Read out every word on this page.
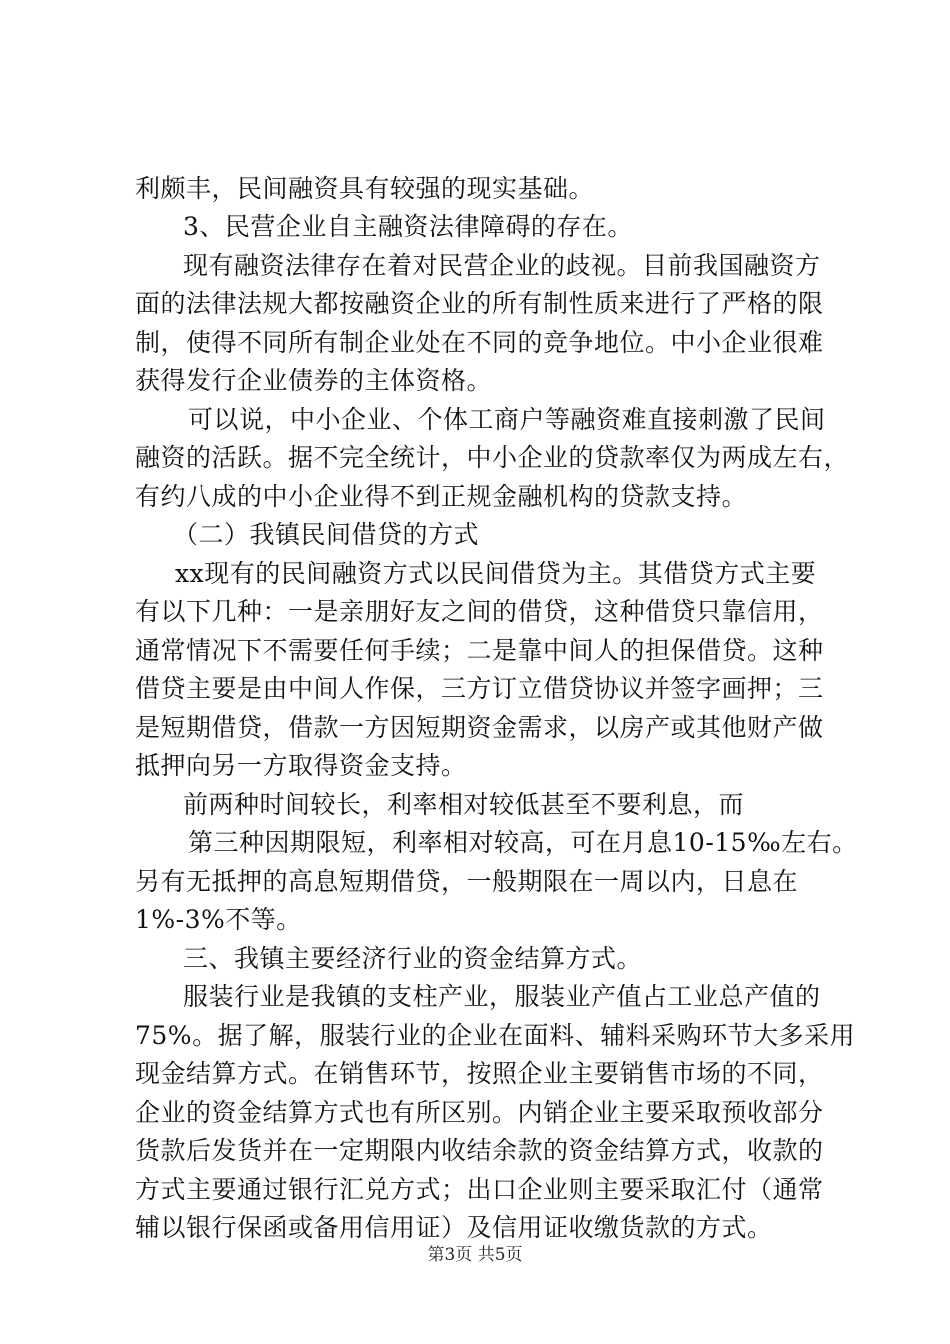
利颇丰，民间融资具有较强的现实基础。
3、民营企业自主融资法律障碍的存在。
现有融资法律存在着对民营企业的歧视。目前我国融资方
面的法律法规大都按融资企业的所有制性质来进行了严格的限
制，使得不同所有制企业处在不同的竞争地位。中小企业很难
获得发行企业债券的主体资格。
可以说，中小企业、个体工商户等融资难直接刺激了民间
融资的活跃。据不完全统计，中小企业的贷款率仅为两成左右，
有约八成的中小企业得不到正规金融机构的贷款支持。
（二）我镇民间借贷的方式
xx现有的民间融资方式以民间借贷为主。其借贷方式主要
有以下几种：一是亲朋好友之间的借贷，这种借贷只靠信用，
通常情况下不需要任何手续；二是靠中间人的担保借贷。这种
借贷主要是由中间人作保，三方订立借贷协议并签字画押；三
是短期借贷，借款一方因短期资金需求，以房产或其他财产做
抵押向另一方取得资金支持。
前两种时间较长，利率相对较低甚至不要利息，而
第三种因期限短，利率相对较高，可在月息10-15‰左右。
另有无抵押的高息短期借贷，一般期限在一周以内，日息在
1%-3%不等。
三、我镇主要经济行业的资金结算方式。
服装行业是我镇的支柱产业，服装业产值占工业总产值的
75%。据了解，服装行业的企业在面料、辅料采购环节大多采用
现金结算方式。在销售环节，按照企业主要销售市场的不同，
企业的资金结算方式也有所区别。内销企业主要采取预收部分
货款后发货并在一定期限内收结余款的资金结算方式，收款的
方式主要通过银行汇兑方式；出口企业则主要采取汇付（通常
辅以银行保函或备用信用证）及信用证收缴货款的方式。
第3页 共5页
